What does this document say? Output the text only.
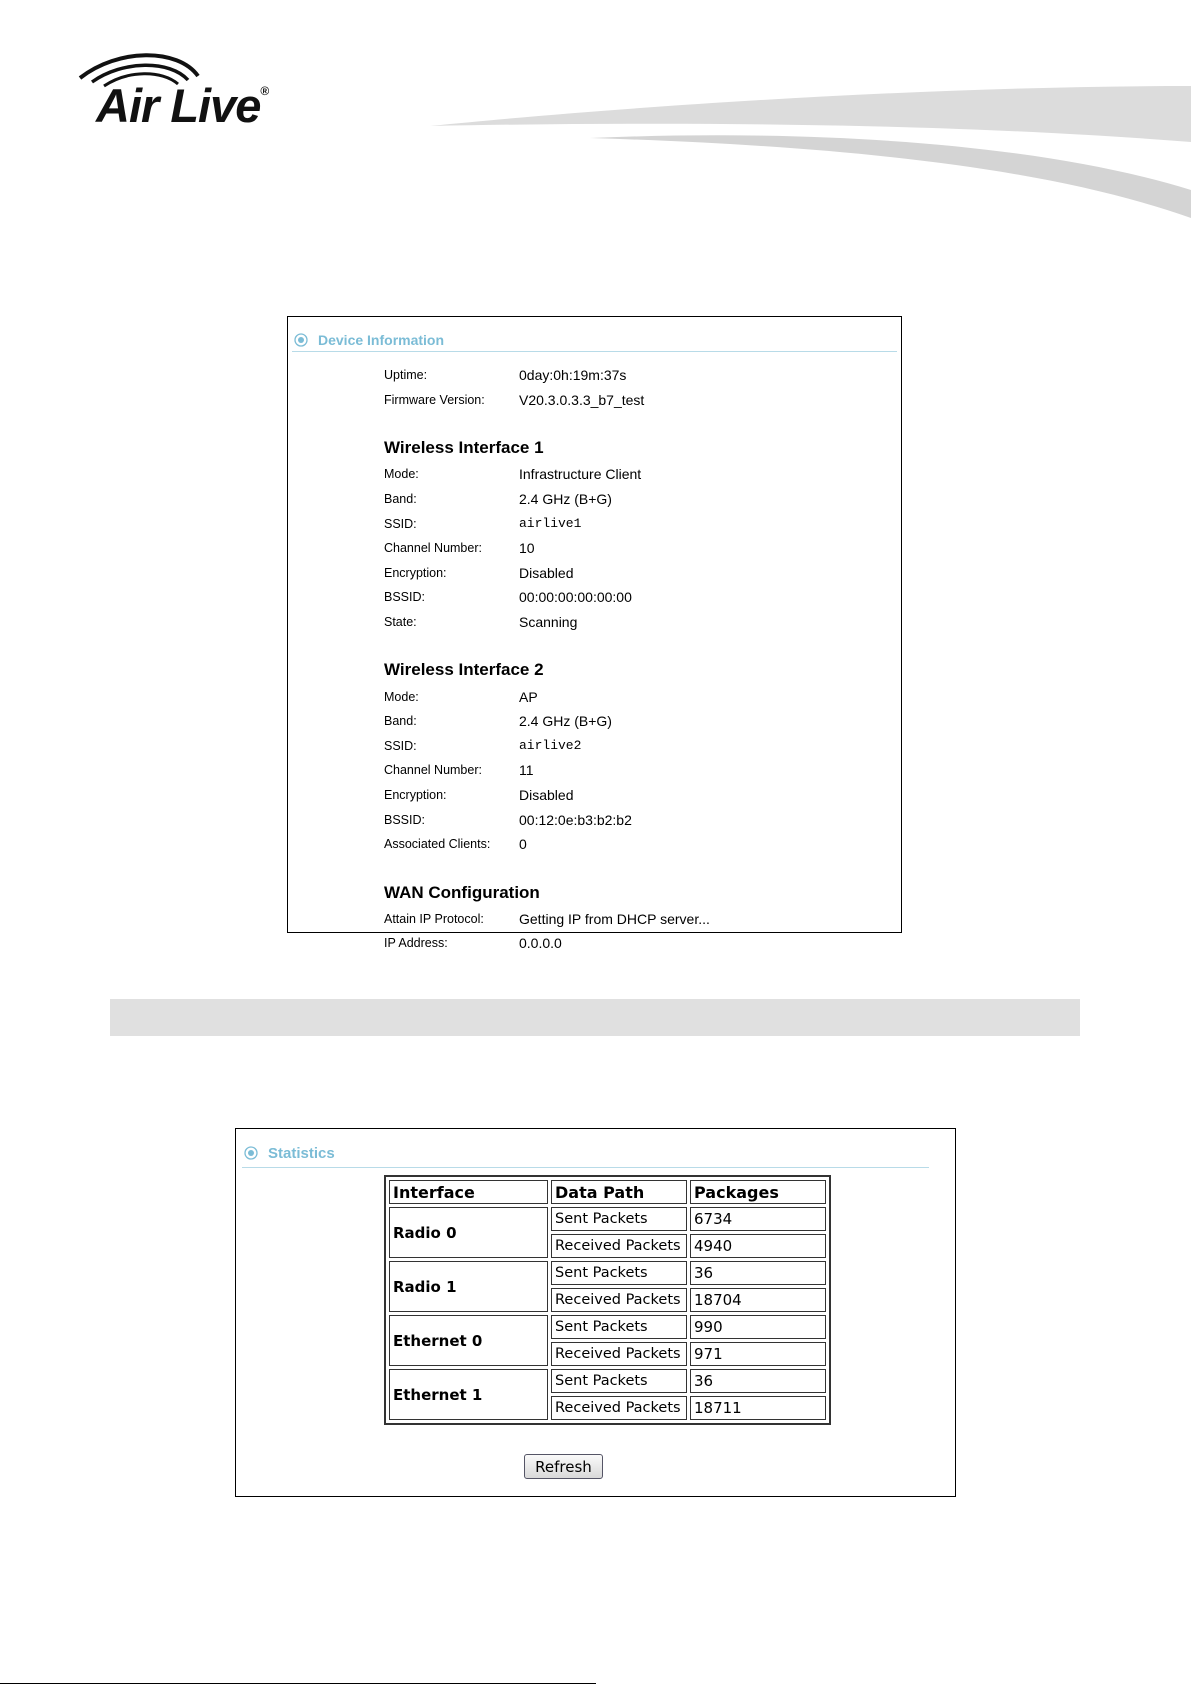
Air Live®
Device Information
Uptime:	0day:0h:19m:37s
Firmware Version:	V20.3.0.3.3_b7_test
Wireless Interface 1
Mode:	Infrastructure Client
Band:	2.4 GHz (B+G)
SSID:	airlive1
Channel Number:	10
Encryption:	Disabled
BSSID:	00:00:00:00:00:00
State:	Scanning
Wireless Interface 2
Mode:	AP
Band:	2.4 GHz (B+G)
SSID:	airlive2
Channel Number:	11
Encryption:	Disabled
BSSID:	00:12:0e:b3:b2:b2
Associated Clients:	0
WAN Configuration
Attain IP Protocol:	Getting IP from DHCP server...
IP Address:	0.0.0.0
Statistics
Interface	Data Path	Packages
Radio 0	Sent Packets	6734
	Received Packets	4940
Radio 1	Sent Packets	36
	Received Packets	18704
Ethernet 0	Sent Packets	990
	Received Packets	971
Ethernet 1	Sent Packets	36
	Received Packets	18711
Refresh
